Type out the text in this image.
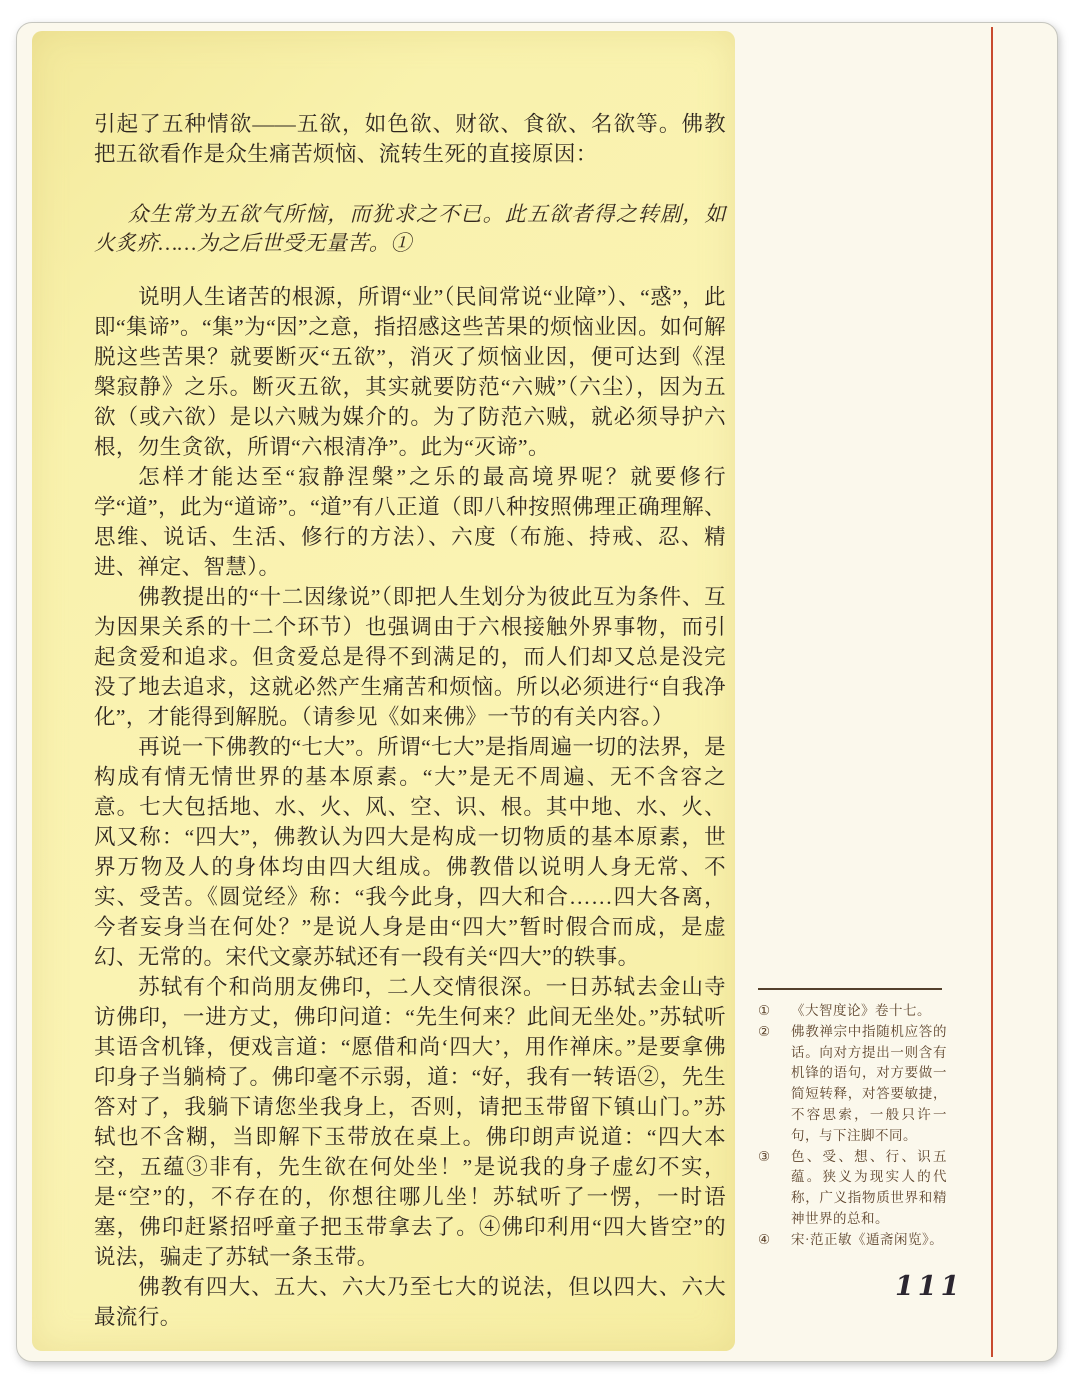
引起了五种情欲——五欲，如色欲、财欲、食欲、名欲等。佛教把五欲看作是众生痛苦烦恼、流转生死的直接原因：

众生常为五欲气所恼，而犹求之不已。此五欲者得之转剧，如火炙疥……为之后世受无量苦。①

说明人生诸苦的根源，所谓“业”（民间常说“业障”）、“惑”，此即“集谛”。“集”为“因”之意，指招感这些苦果的烦恼业因。如何解脱这些苦果？就要断灭“五欲”，消灭了烦恼业因，便可达到《涅槃寂静》之乐。断灭五欲，其实就要防范“六贼”（六尘），因为五欲（或六欲）是以六贼为媒介的。为了防范六贼，就必须导护六根，勿生贪欲，所谓“六根清净”。此为“灭谛”。

怎样才能达至“寂静涅槃”之乐的最高境界呢？就要修行学“道”，此为“道谛”。“道”有八正道（即八种按照佛理正确理解、思维、说话、生活、修行的方法）、六度（布施、持戒、忍、精进、禅定、智慧）。

佛教提出的“十二因缘说”（即把人生划分为彼此互为条件、互为因果关系的十二个环节）也强调由于六根接触外界事物，而引起贪爱和追求。但贪爱总是得不到满足的，而人们却又总是没完没了地去追求，这就必然产生痛苦和烦恼。所以必须进行“自我净化”，才能得到解脱。（请参见《如来佛》一节的有关内容。）

再说一下佛教的“七大”。所谓“七大”是指周遍一切的法界，是构成有情无情世界的基本原素。“大”是无不周遍、无不含容之意。七大包括地、水、火、风、空、识、根。其中地、水、火、风又称：“四大”，佛教认为四大是构成一切物质的基本原素，世界万物及人的身体均由四大组成。佛教借以说明人身无常、不实、受苦。《圆觉经》称：“我今此身，四大和合……四大各离，今者妄身当在何处？”是说人身是由“四大”暂时假合而成，是虚幻、无常的。宋代文豪苏轼还有一段有关“四大”的轶事。

苏轼有个和尚朋友佛印，二人交情很深。一日苏轼去金山寺访佛印，一进方丈，佛印问道：“先生何来？此间无坐处。”苏轼听其语含机锋，便戏言道：“愿借和尚‘四大’，用作禅床。”是要拿佛印身子当躺椅了。佛印毫不示弱，道：“好，我有一转语②，先生答对了，我躺下请您坐我身上，否则，请把玉带留下镇山门。”苏轼也不含糊，当即解下玉带放在桌上。佛印朗声说道：“四大本空，五蕴③非有，先生欲在何处坐！”是说我的身子虚幻不实，是“空”的，不存在的，你想往哪儿坐！苏轼听了一愣，一时语塞，佛印赶紧招呼童子把玉带拿去了。④佛印利用“四大皆空”的说法，骗走了苏轼一条玉带。

佛教有四大、五大、六大乃至七大的说法，但以四大、六大最流行。

①	《大智度论》卷十七。
②	佛教禅宗中指随机应答的话。向对方提出一则含有机锋的语句，对方要做一简短转释，对答要敏捷，不容思索，一般只许一句，与下注脚不同。
③	色、受、想、行、识五蕴。狭义为现实人的代称，广义指物质世界和精神世界的总和。
④	宋·范正敏《遁斋闲览》。
111
